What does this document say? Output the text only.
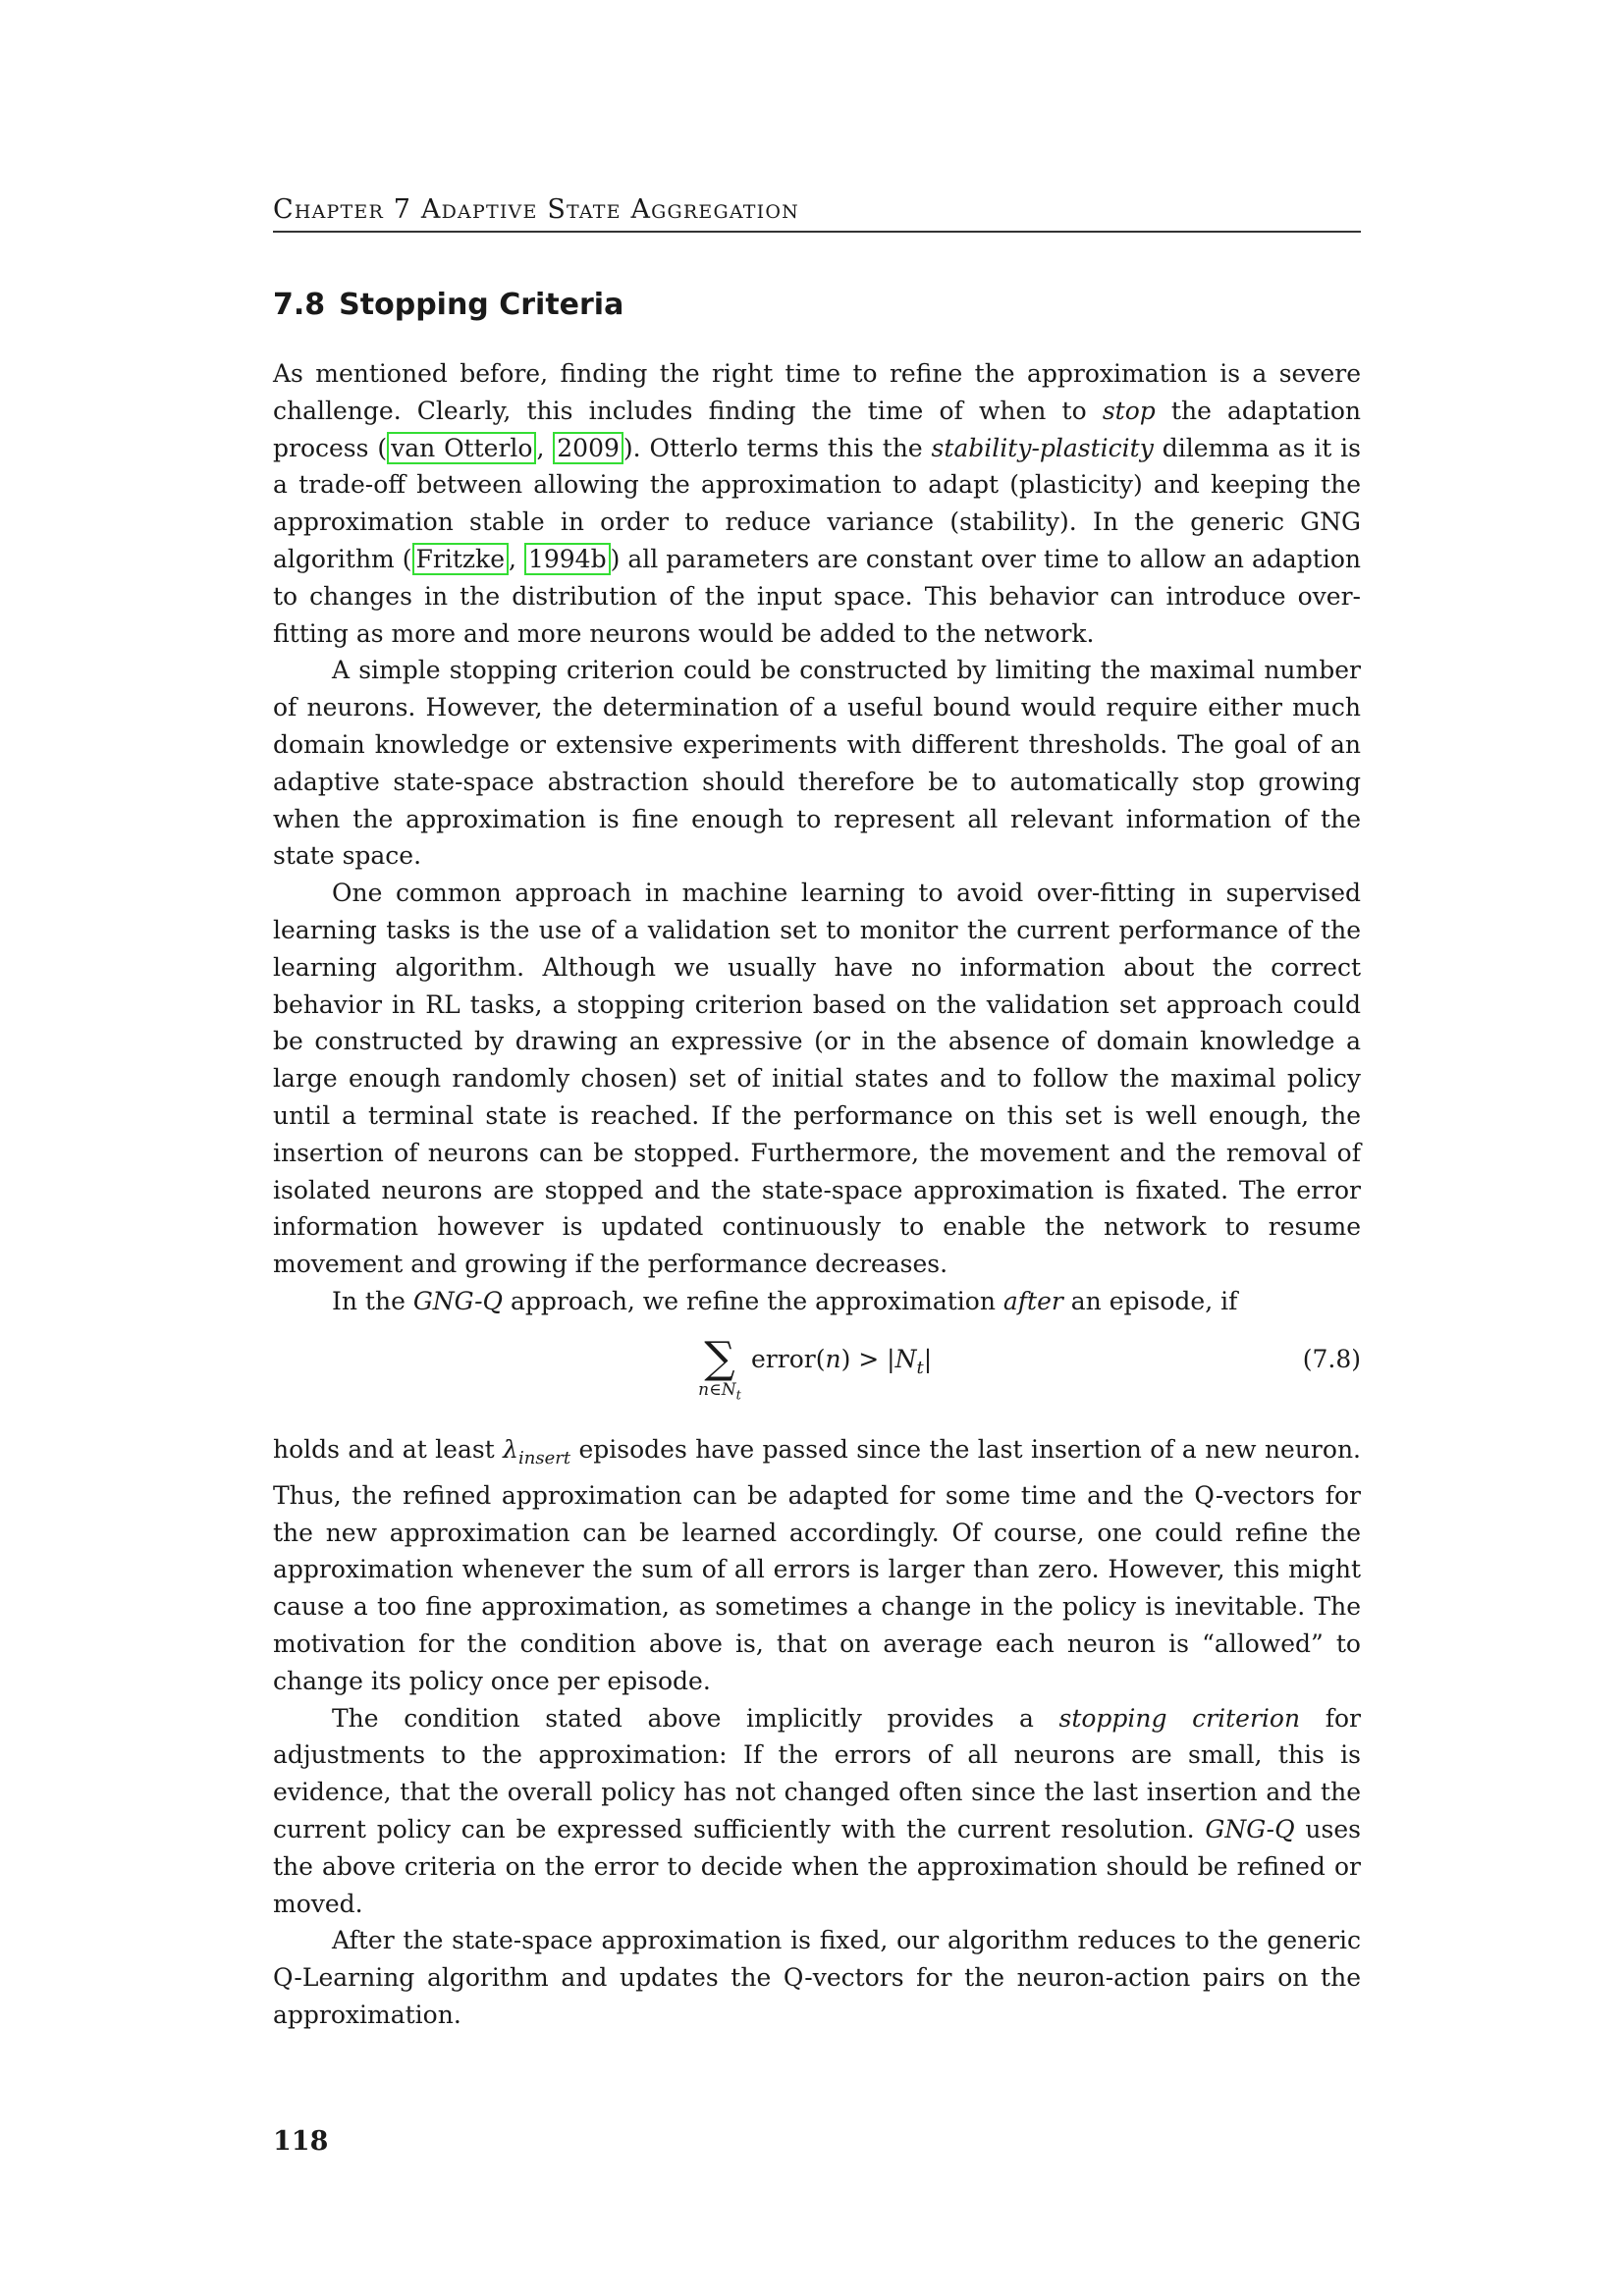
Chapter 7 Adaptive State Aggregation
7.8 Stopping Criteria

As mentioned before, finding the right time to refine the approximation is a severe challenge. Clearly, this includes finding the time of when to stop the adaptation process ( van Otterlo , 2009 ). Otterlo terms this the stability-plasticity dilemma as it is a trade-off between allowing the approximation to adapt (plasticity) and keeping the approximation stable in order to reduce variance (stability). In the generic GNG algorithm ( Fritzke , 1994b ) all parameters are constant over time to allow an adaption to changes in the distribution of the input space. This behavior can introduce over-fitting as more and more neurons would be added to the network.

A simple stopping criterion could be constructed by limiting the maximal number of neurons. However, the determination of a useful bound would require either much domain knowledge or extensive experiments with different thresholds. The goal of an adaptive state-space abstraction should therefore be to automatically stop growing when the approximation is fine enough to represent all relevant information of the state space.

One common approach in machine learning to avoid over-fitting in supervised learning tasks is the use of a validation set to monitor the current performance of the learning algorithm. Although we usually have no information about the correct behavior in RL tasks, a stopping criterion based on the validation set approach could be constructed by drawing an expressive (or in the absence of domain knowledge a large enough randomly chosen) set of initial states and to follow the maximal policy until a terminal state is reached. If the performance on this set is well enough, the insertion of neurons can be stopped. Furthermore, the movement and the removal of isolated neurons are stopped and the state-space approximation is fixated. The error information however is updated continuously to enable the network to resume movement and growing if the performance decreases.

In the GNG-Q approach, we refine the approximation after an episode, if

∑
$n\in N_t$
error(n) > $|N_t|$	(7.8)

holds and at least $\lambda_{insert}$ episodes have passed since the last insertion of a new neuron. Thus, the refined approximation can be adapted for some time and the Q-vectors for the new approximation can be learned accordingly. Of course, one could refine the approximation whenever the sum of all errors is larger than zero. However, this might cause a too fine approximation, as sometimes a change in the policy is inevitable. The motivation for the condition above is, that on average each neuron is “allowed” to change its policy once per episode.

The condition stated above implicitly provides a stopping criterion for adjustments to the approximation: If the errors of all neurons are small, this is evidence, that the overall policy has not changed often since the last insertion and the current policy can be expressed sufficiently with the current resolution. GNG-Q uses the above criteria on the error to decide when the approximation should be refined or moved.

After the state-space approximation is fixed, our algorithm reduces to the generic Q-Learning algorithm and updates the Q-vectors for the neuron-action pairs on the approximation.

118
